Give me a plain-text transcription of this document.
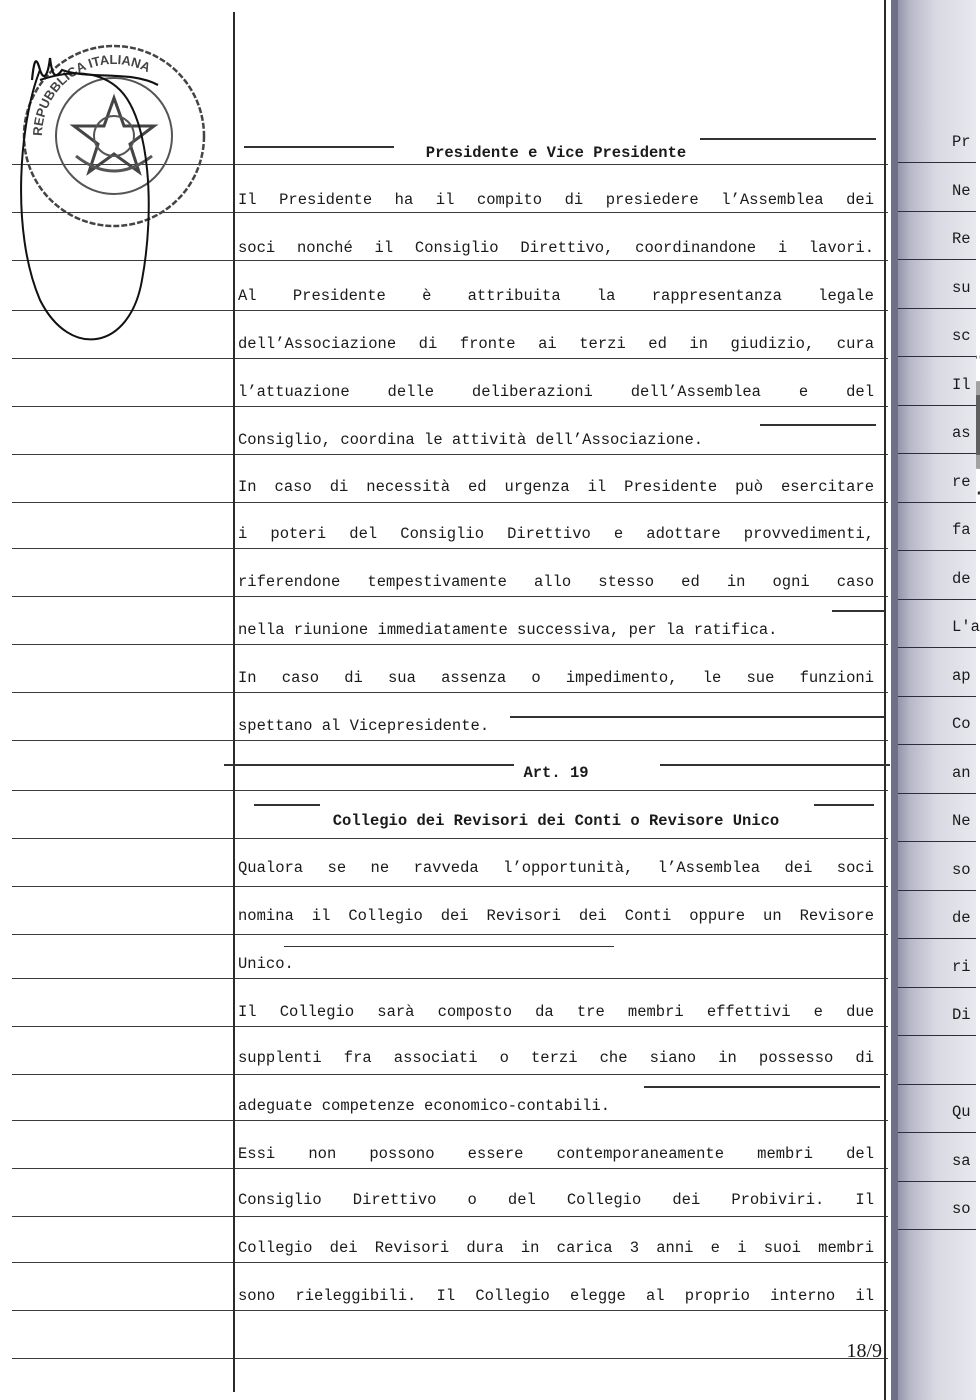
REPUBBLICA ITALIANA
Presidente e Vice Presidente
Il Presidente ha il compito di presiedere l’Assemblea dei
soci nonché il Consiglio Direttivo, coordinandone i lavori.
Al Presidente è attribuita la rappresentanza legale
dell’Associazione di fronte ai terzi ed in giudizio, cura
l’attuazione delle deliberazioni dell’Assemblea e del
Consiglio, coordina le attività dell’Associazione.
In caso di necessità ed urgenza il Presidente può esercitare
i poteri del Consiglio Direttivo e adottare provvedimenti,
riferendone tempestivamente allo stesso ed in ogni caso
nella riunione immediatamente successiva, per la ratifica.
In caso di sua assenza o impedimento, le sue funzioni
spettano al Vicepresidente.
Art. 19
Collegio dei Revisori dei Conti o Revisore Unico
Qualora se ne ravveda l’opportunità, l’Assemblea dei soci
nomina il Collegio dei Revisori dei Conti oppure un Revisore
Unico.
Il Collegio sarà composto da tre membri effettivi e due
supplenti fra associati o terzi che siano in possesso di
adeguate competenze economico-contabili.
Essi non possono essere contemporaneamente membri del
Consiglio Direttivo o del Collegio dei Probiviri. Il
Collegio dei Revisori dura in carica 3 anni e i suoi membri
sono rieleggibili. Il Collegio elegge al proprio interno il
18/9
Pr
Ne
Re
su
sc
Il
as
re
fa
de
L'a
ap
Co
an
Ne
so
de
ri
Di
Qu
sa
so
